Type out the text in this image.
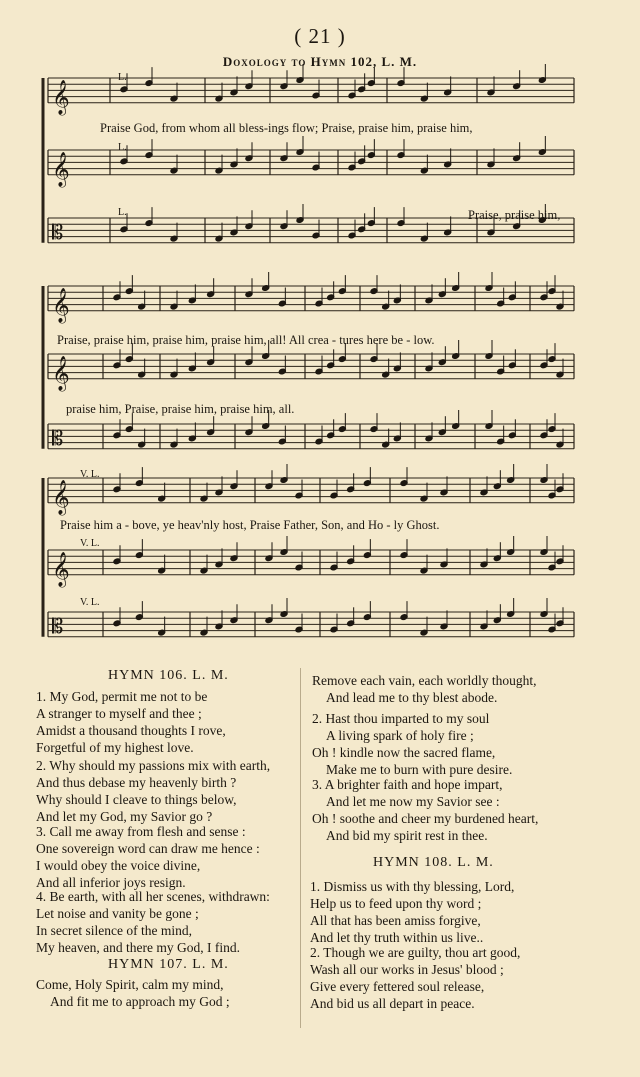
( 21 )
Doxology to Hymn 102, L. M.
𝄞
𝄞
𝄡
𝄞
𝄞
𝄡
𝄞
𝄞
𝄡
L.
L.
L.
Praise God, from whom all bless-ings flow; Praise, praise him, praise him,
Praise, praise him,
Praise, praise him, praise him, praise him, all! All crea - tures here be - low.
praise him, Praise, praise him, praise him, all.
V. L.
V. L.
V. L.
Praise him a - bove, ye heav'nly host, Praise Father, Son, and Ho - ly Ghost.
HYMN 106. L. M.
1. My God, permit me not to be
A stranger to myself and thee ;
Amidst a thousand thoughts I rove,
Forgetful of my highest love.
2. Why should my passions mix with earth,
And thus debase my heavenly birth ?
Why should I cleave to things below,
And let my God, my Savior go ?
3. Call me away from flesh and sense :
One sovereign word can draw me hence :
I would obey the voice divine,
And all inferior joys resign.
4. Be earth, with all her scenes, withdrawn:
Let noise and vanity be gone ;
In secret silence of the mind,
My heaven, and there my God, I find.
HYMN 107. L. M.
Come, Holy Spirit, calm my mind,
And fit me to approach my God ;
Remove each vain, each worldly thought,
And lead me to thy blest abode.
2. Hast thou imparted to my soul
A living spark of holy fire ;
Oh ! kindle now the sacred flame,
Make me to burn with pure desire.
3. A brighter faith and hope impart,
And let me now my Savior see :
Oh ! soothe and cheer my burdened heart,
And bid my spirit rest in thee.
HYMN 108. L. M.
1. Dismiss us with thy blessing, Lord,
Help us to feed upon thy word ;
All that has been amiss forgive,
And let thy truth within us live..
2. Though we are guilty, thou art good,
Wash all our works in Jesus' blood ;
Give every fettered soul release,
And bid us all depart in peace.
